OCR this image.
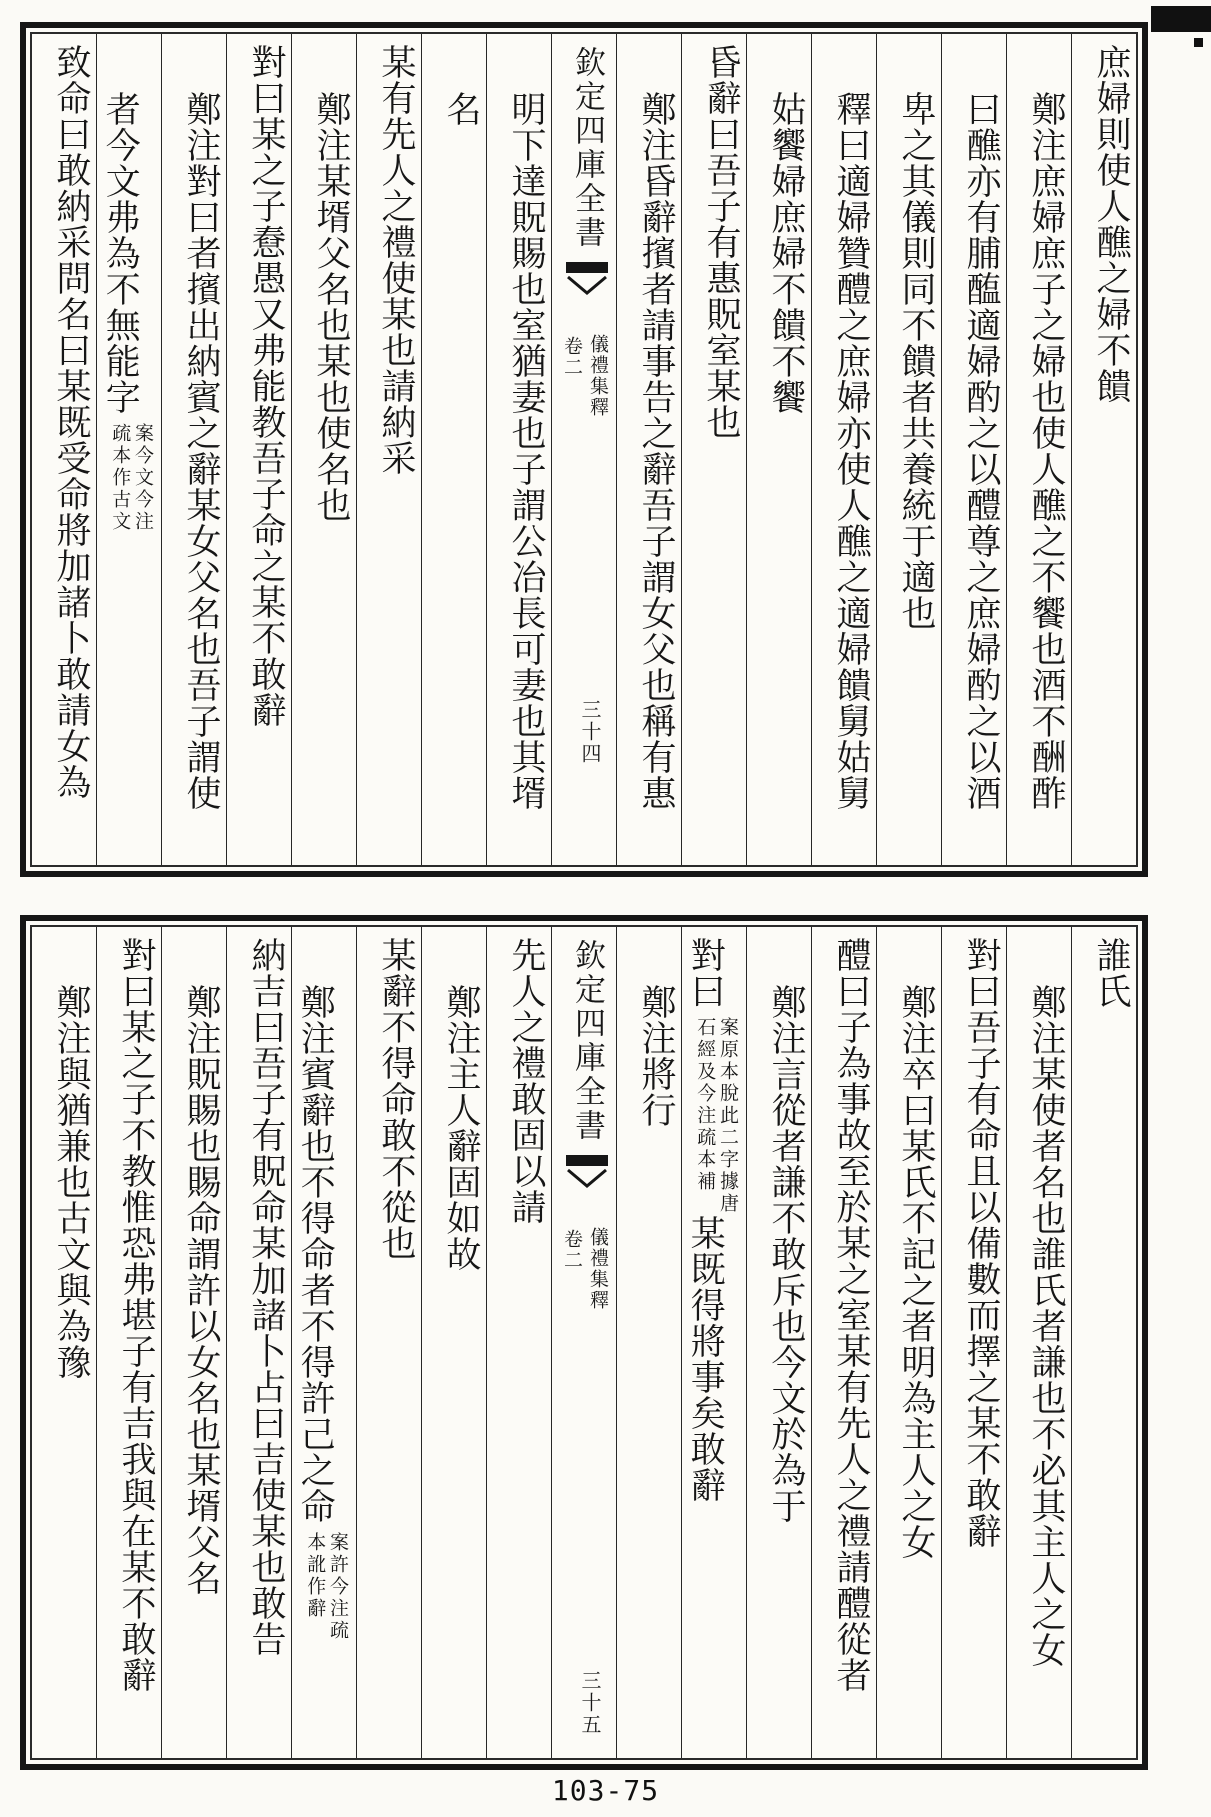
庶婦則使人醮之婦不饋
鄭注庶婦庶子之婦也使人醮之不饗也酒不酬酢
曰醮亦有脯醢適婦酌之以醴尊之庶婦酌之以酒
卑之其儀則同不饋者共養統于適也
釋曰適婦贊醴之庶婦亦使人醮之適婦饋舅姑舅
姑饗婦庶婦不饋不饗
昏辭曰吾子有惠貺室某也
鄭注昏辭擯者請事告之辭吾子謂女父也稱有惠
欽定四庫全書
儀禮集釋
卷二
三十四
明下達貺賜也室猶妻也子謂公冶長可妻也其壻
名
某有先人之禮使某也請納采
鄭注某壻父名也某也使名也
對曰某之子憃愚又弗能教吾子命之某不敢辭
鄭注對曰者擯出納賓之辭某女父名也吾子謂使
者今文弗為不無能字
案今文今注
疏本作古文
致命曰敢納采問名曰某既受命將加諸卜敢請女為
誰氏
鄭注某使者名也誰氏者謙也不必其主人之女
對曰吾子有命且以備數而擇之某不敢辭
鄭注卒曰某氏不記之者明為主人之女
醴曰子為事故至於某之室某有先人之禮請醴從者
鄭注言從者謙不敢斥也今文於為于
對曰
案原本脫此二字據唐
石經及今注疏本補
某既得將事矣敢辭
鄭注將行
欽定四庫全書
儀禮集釋
卷二
三十五
先人之禮敢固以請
鄭注主人辭固如故
某辭不得命敢不從也
鄭注賓辭也不得命者不得許己之命
案許今注疏
本訛作辭
納吉曰吾子有貺命某加諸卜占曰吉使某也敢告
鄭注貺賜也賜命謂許以女名也某壻父名
對曰某之子不教惟恐弗堪子有吉我與在某不敢辭
鄭注與猶兼也古文與為豫
103-75
